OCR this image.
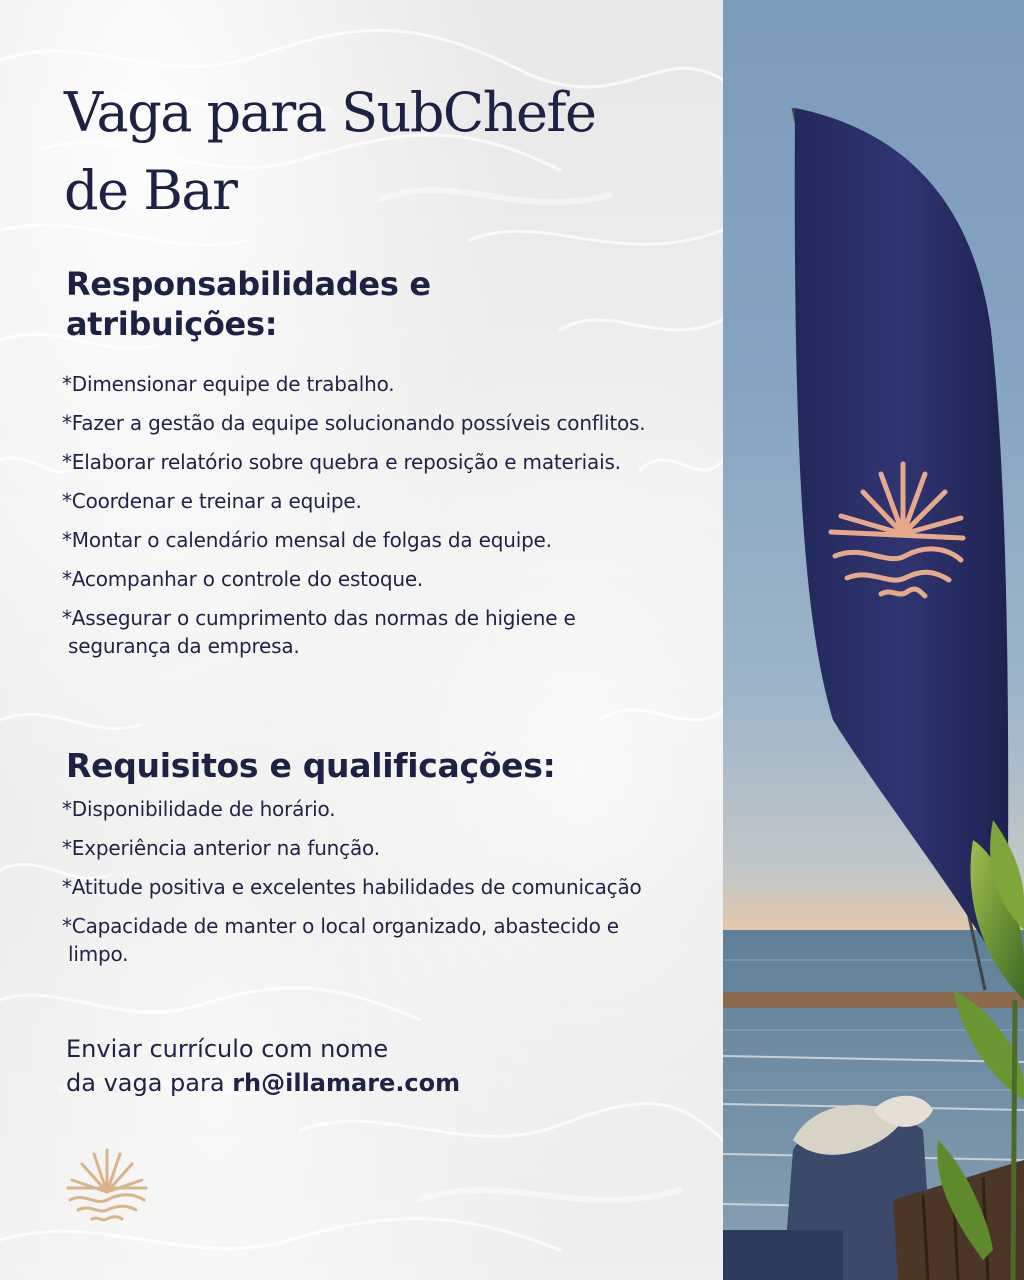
Vaga para SubChefe
de Bar
Responsabilidades e
atribuições:
*Dimensionar equipe de trabalho.
*Fazer a gestão da equipe solucionando possíveis conflitos.
*Elaborar relatório sobre quebra e reposição e materiais.
*Coordenar e treinar a equipe.
*Montar o calendário mensal de folgas da equipe.
*Acompanhar o controle do estoque.
*Assegurar o cumprimento das normas de higiene e segurança da empresa.
Requisitos e qualificações:
*Disponibilidade de horário.
*Experiência anterior na função.
*Atitude positiva e excelentes habilidades de comunicação
*Capacidade de manter o local organizado, abastecido e limpo.

Enviar currículo com nome
da vaga para rh@illamare.com
